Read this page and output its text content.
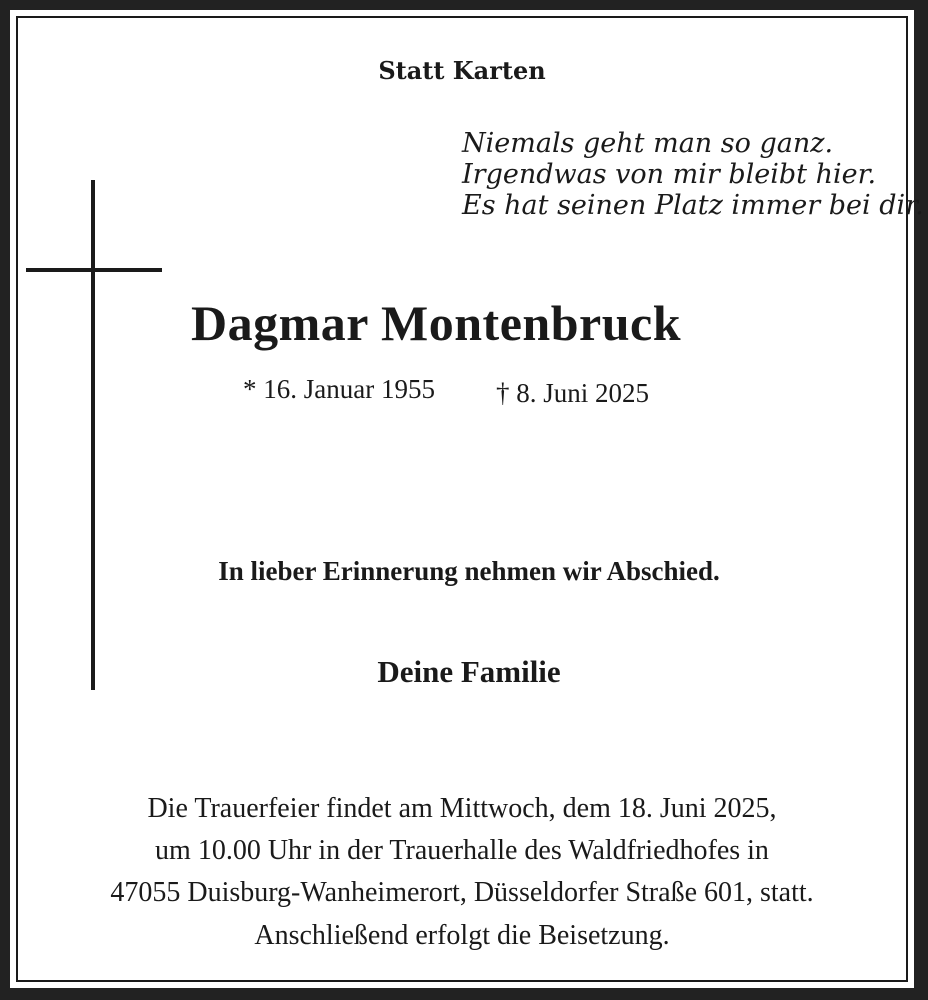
Statt Karten
Niemals geht man so ganz.
Irgendwas von mir bleibt hier.
Es hat seinen Platz immer bei dir.
Dagmar Montenbruck
* 16. Januar 1955 † 8. Juni 2025
In lieber Erinnerung nehmen wir Abschied.
Deine Familie
Die Trauerfeier findet am Mittwoch, dem 18. Juni 2025,
um 10.00 Uhr in der Trauerhalle des Waldfriedhofes in
47055 Duisburg-Wanheimerort, Düsseldorfer Straße 601, statt.
Anschließend erfolgt die Beisetzung.
